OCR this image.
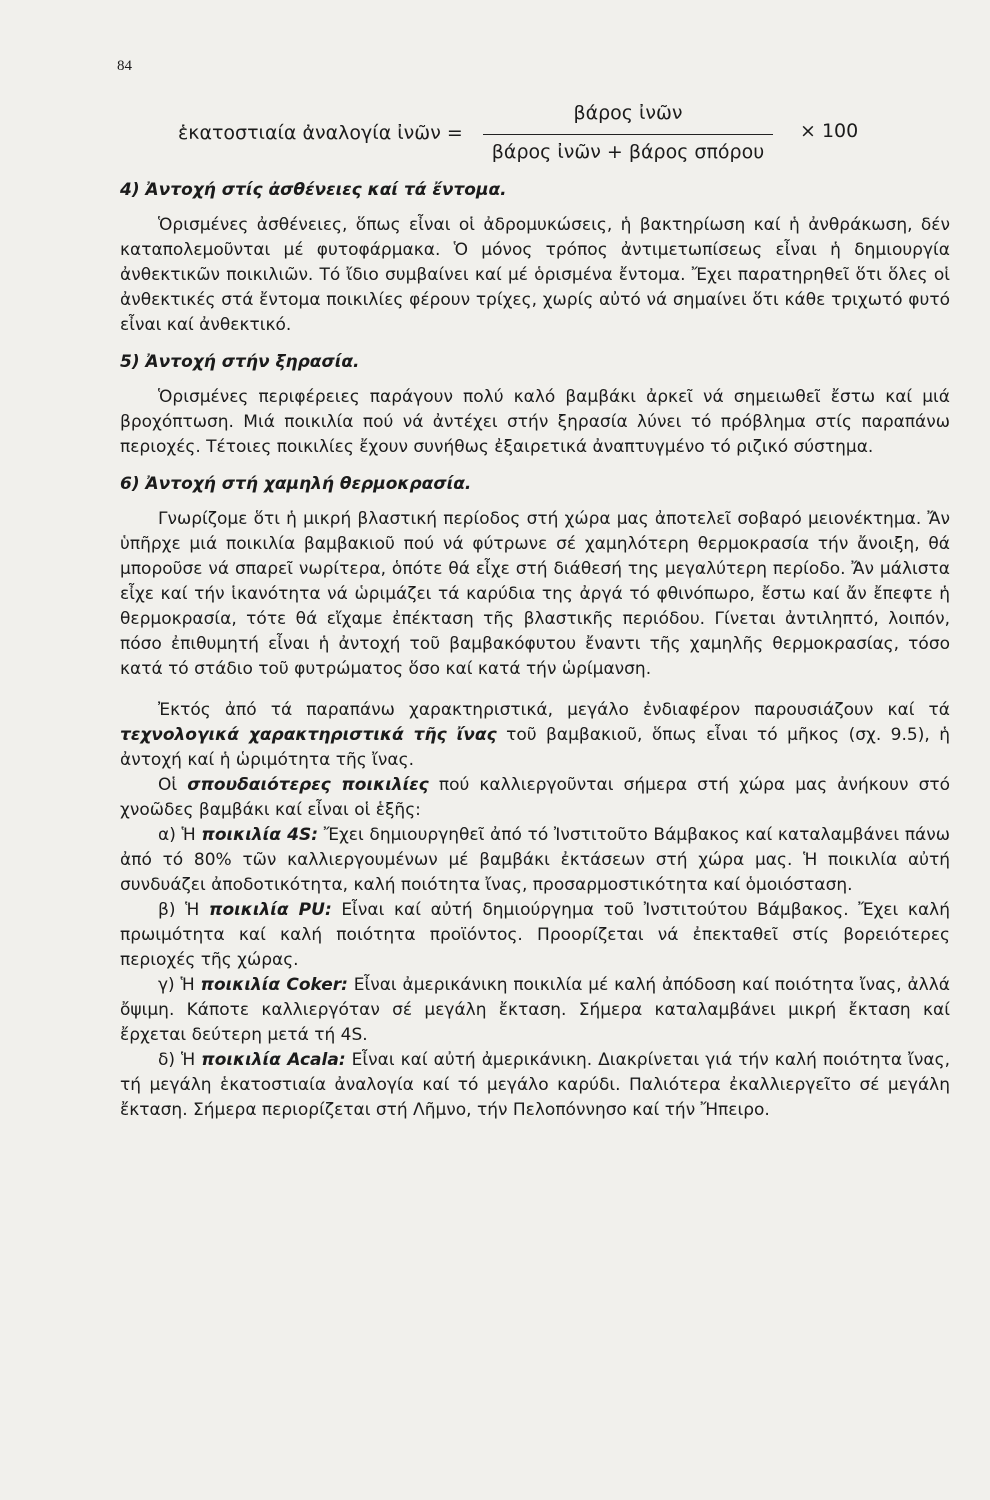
84
ἑκατοστιαία ἀναλογία ἰνῶν =
βάρος ἰνῶν
βάρος ἰνῶν + βάρος σπόρου
× 100
4) Ἀντοχή στίς ἀσθένειες καί τά ἔντομα.

Ὁρισμένες ἀσθένειες, ὅπως εἶναι οἱ ἀδρομυκώσεις, ἡ βακτηρίωση καί ἡ ἀνθράκωση, δέν καταπολεμοῦνται μέ φυτοφάρμακα. Ὁ μόνος τρόπος ἀντιμετωπίσεως εἶναι ἡ δημιουργία ἀνθεκτικῶν ποικιλιῶν. Τό ἴδιο συμβαίνει καί μέ ὁρισμένα ἔντομα. Ἔχει παρατηρηθεῖ ὅτι ὅλες οἱ ἀνθεκτικές στά ἔντομα ποικιλίες φέρουν τρίχες, χωρίς αὐτό νά σημαίνει ὅτι κάθε τριχωτό φυτό εἶναι καί ἀνθεκτικό.

5) Ἀντοχή στήν ξηρασία.

Ὁρισμένες περιφέρειες παράγουν πολύ καλό βαμβάκι ἀρκεῖ νά σημειωθεῖ ἔστω καί μιά βροχόπτωση. Μιά ποικιλία πού νά ἀντέχει στήν ξηρασία λύνει τό πρόβλημα στίς παραπάνω περιοχές. Τέτοιες ποικιλίες ἔχουν συνήθως ἐξαιρετικά ἀναπτυγμένο τό ριζικό σύστημα.

6) Ἀντοχή στή χαμηλή θερμοκρασία.

Γνωρίζομε ὅτι ἡ μικρή βλαστική περίοδος στή χώρα μας ἀποτελεῖ σοβαρό μειονέκτημα. Ἄν ὑπῆρχε μιά ποικιλία βαμβακιοῦ πού νά φύτρωνε σέ χαμηλότερη θερμοκρασία τήν ἄνοιξη, θά μποροῦσε νά σπαρεῖ νωρίτερα, ὁπότε θά εἶχε στή διάθεσή της μεγαλύτερη περίοδο. Ἄν μάλιστα εἶχε καί τήν ἱκανότητα νά ὡριμάζει τά καρύδια της ἀργά τό φθινόπωρο, ἔστω καί ἄν ἔπεφτε ἡ θερμοκρασία, τότε θά εἴχαμε ἐπέκταση τῆς βλαστικῆς περιόδου. Γίνεται ἀντιληπτό, λοιπόν, πόσο ἐπιθυμητή εἶναι ἡ ἀντοχή τοῦ βαμβακόφυτου ἔναντι τῆς χαμηλῆς θερμοκρασίας, τόσο κατά τό στάδιο τοῦ φυτρώματος ὅσο καί κατά τήν ὡρίμανση.

Ἐκτός ἀπό τά παραπάνω χαρακτηριστικά, μεγάλο ἐνδιαφέρον παρουσιάζουν καί τά τεχνολογικά χαρακτηριστικά τῆς ἴνας τοῦ βαμβακιοῦ, ὅπως εἶναι τό μῆκος (σχ. 9.5), ἡ ἀντοχή καί ἡ ὡριμότητα τῆς ἴνας.

Οἱ σπουδαιότερες ποικιλίες πού καλλιεργοῦνται σήμερα στή χώρα μας ἀνήκουν στό χνοῶδες βαμβάκι καί εἶναι οἱ ἑξῆς:

α) Ἡ ποικιλία 4S: Ἔχει δημιουργηθεῖ ἀπό τό Ἰνστιτοῦτο Βάμβακος καί καταλαμβάνει πάνω ἀπό τό 80% τῶν καλλιεργουμένων μέ βαμβάκι ἐκτάσεων στή χώρα μας. Ἡ ποικιλία αὐτή συνδυάζει ἀποδοτικότητα, καλή ποιότητα ἴνας, προσαρμοστικότητα καί ὁμοιόσταση.

β) Ἡ ποικιλία PU: Εἶναι καί αὐτή δημιούργημα τοῦ Ἰνστιτούτου Βάμβακος. Ἔχει καλή πρωιμότητα καί καλή ποιότητα προϊόντος. Προορίζεται νά ἐπεκταθεῖ στίς βορειότερες περιοχές τῆς χώρας.

γ) Ἡ ποικιλία Coker: Εἶναι ἀμερικάνικη ποικιλία μέ καλή ἀπόδοση καί ποιότητα ἴνας, ἀλλά ὄψιμη. Κάποτε καλλιεργόταν σέ μεγάλη ἔκταση. Σήμερα καταλαμβάνει μικρή ἔκταση καί ἔρχεται δεύτερη μετά τή 4S.

δ) Ἡ ποικιλία Acala: Εἶναι καί αὐτή ἀμερικάνικη. Διακρίνεται γιά τήν καλή ποιότητα ἴνας, τή μεγάλη ἑκατοστιαία ἀναλογία καί τό μεγάλο καρύδι. Παλιότερα ἐκαλλιεργεῖτο σέ μεγάλη ἔκταση. Σήμερα περιορίζεται στή Λῆμνο, τήν Πελοπόννησο καί τήν Ἤπειρο.
